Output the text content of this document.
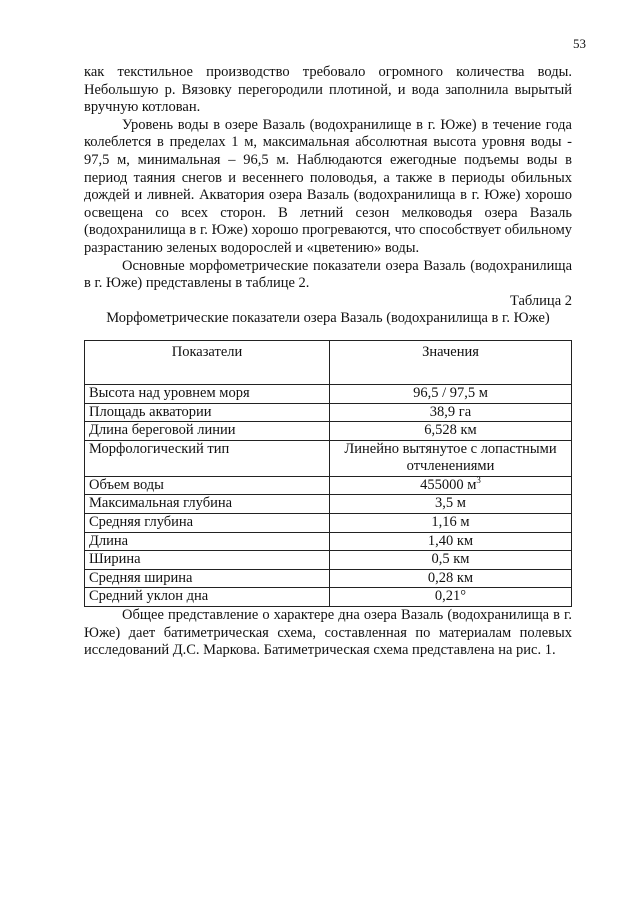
53

как текстильное производство требовало огромного количества воды. Небольшую р. Вязовку перегородили плотиной, и вода заполнила вырытый вручную котлован.

Уровень воды в озере Вазаль (водохранилище в г. Юже) в течение года колеблется в пределах 1 м, максимальная абсолютная высота уровня воды - 97,5 м, минимальная – 96,5 м. Наблюдаются ежегодные подъемы воды в период таяния снегов и весеннего половодья, а также в периоды обильных дождей и ливней. Акватория озера Вазаль (водохранилища в г. Юже) хорошо освещена со всех сторон. В летний сезон мелководья озера Вазаль (водохранилища в г. Юже) хорошо прогреваются, что способствует обильному разрастанию зеленых водорослей и «цветению» воды.

Основные морфометрические показатели озера Вазаль (водохранилища в г. Юже) представлены в таблице 2.

Таблица 2

Морфометрические показатели озера Вазаль (водохранилища в г. Юже)

Показатели	Значения
Высота над уровнем моря	96,5 / 97,5 м
Площадь акватории	38,9 га
Длина береговой линии	6,528 км
Морфологический тип	Линейно вытянутое с лопастными отчленениями
Объем воды	455000 $м^3$
Максимальная глубина	3,5 м
Средняя глубина	1,16 м
Длина	1,40 км
Ширина	0,5 км
Средняя ширина	0,28 км
Средний уклон дна	0,21°

Общее представление о характере дна озера Вазаль (водохранилища в г. Юже) дает батиметрическая схема, составленная по материалам полевых исследований Д.С. Маркова. Батиметрическая схема представлена на рис. 1.
